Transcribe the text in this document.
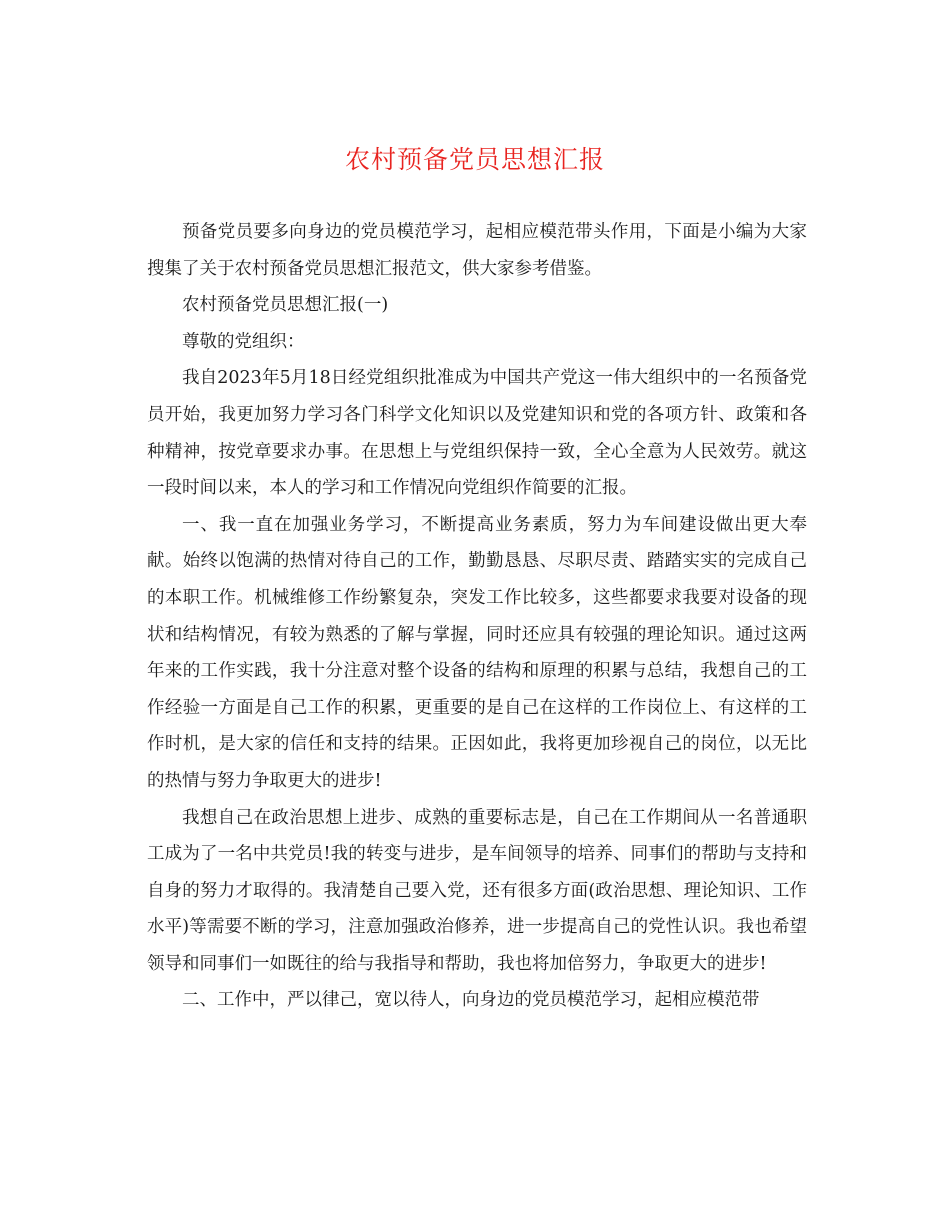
农村预备党员思想汇报

预备党员要多向身边的党员模范学习，起相应模范带头作用，下面是小编为大家搜集了关于农村预备党员思想汇报范文，供大家参考借鉴。

农村预备党员思想汇报(一)

尊敬的党组织：

我自2023年5月18日经党组织批准成为中国共产党这一伟大组织中的一名预备党员开始，我更加努力学习各门科学文化知识以及党建知识和党的各项方针、政策和各种精神，按党章要求办事。在思想上与党组织保持一致，全心全意为人民效劳。就这一段时间以来，本人的学习和工作情况向党组织作简要的汇报。

一、我一直在加强业务学习，不断提高业务素质，努力为车间建设做出更大奉献。始终以饱满的热情对待自己的工作，勤勤恳恳、尽职尽责、踏踏实实的完成自己的本职工作。机械维修工作纷繁复杂，突发工作比较多，这些都要求我要对设备的现状和结构情况，有较为熟悉的了解与掌握，同时还应具有较强的理论知识。通过这两年来的工作实践，我十分注意对整个设备的结构和原理的积累与总结，我想自己的工作经验一方面是自己工作的积累，更重要的是自己在这样的工作岗位上、有这样的工作时机，是大家的信任和支持的结果。正因如此，我将更加珍视自己的岗位，以无比的热情与努力争取更大的进步!

我想自己在政治思想上进步、成熟的重要标志是，自己在工作期间从一名普通职工成为了一名中共党员!我的转变与进步，是车间领导的培养、同事们的帮助与支持和自身的努力才取得的。我清楚自己要入党，还有很多方面(政治思想、理论知识、工作水平)等需要不断的学习，注意加强政治修养，进一步提高自己的党性认识。我也希望领导和同事们一如既往的给与我指导和帮助，我也将加倍努力，争取更大的进步!

二、工作中，严以律己，宽以待人，向身边的党员模范学习，起相应模范带
